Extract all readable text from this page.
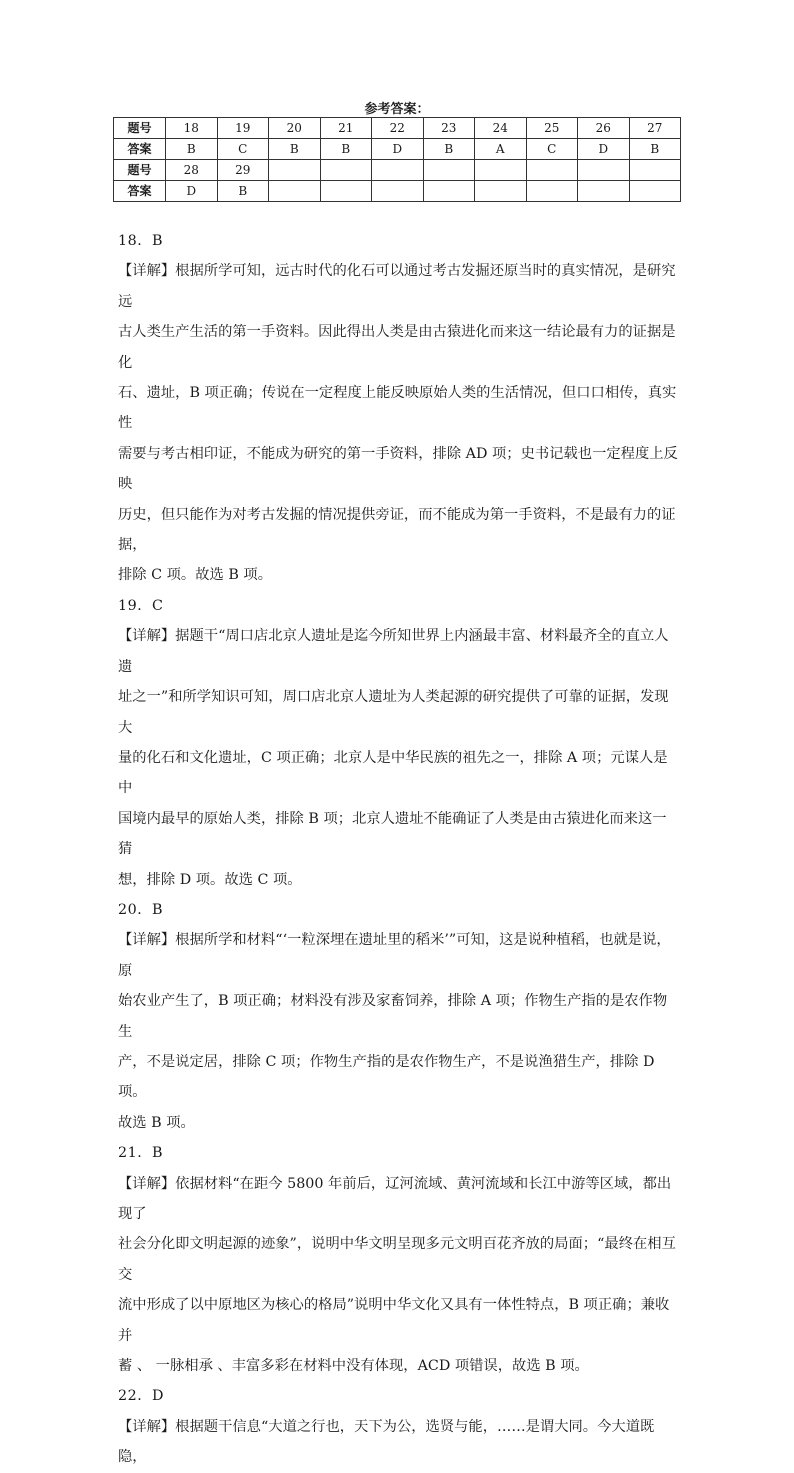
参考答案：
题号	18	19	20	21	22	23	24	25	26	27
答案	B	C	B	B	D	B	A	C	D	B
题号	28	29								
答案	D	B								

18．B

【详解】根据所学可知，远古时代的化石可以通过考古发掘还原当时的真实情况，是研究远

古人类生产生活的第一手资料。因此得出人类是由古猿进化而来这一结论最有力的证据是化

石、遗址，B 项正确；传说在一定程度上能反映原始人类的生活情况，但口口相传，真实性

需要与考古相印证，不能成为研究的第一手资料，排除 AD 项；史书记载也一定程度上反映

历史，但只能作为对考古发掘的情况提供旁证，而不能成为第一手资料，不是最有力的证据，

排除 C 项。故选 B 项。

19．C

【详解】据题干“周口店北京人遗址是迄今所知世界上内涵最丰富、材料最齐全的直立人遗

址之一”和所学知识可知，周口店北京人遗址为人类起源的研究提供了可靠的证据，发现大

量的化石和文化遗址，C 项正确；北京人是中华民族的祖先之一，排除 A 项；元谋人是中

国境内最早的原始人类，排除 B 项；北京人遗址不能确证了人类是由古猿进化而来这一猜

想，排除 D 项。故选 C 项。

20．B

【详解】根据所学和材料“‘一粒深埋在遗址里的稻米’”可知，这是说种植稻，也就是说，原

始农业产生了，B 项正确；材料没有涉及家畜饲养，排除 A 项；作物生产指的是农作物生

产，不是说定居，排除 C 项；作物生产指的是农作物生产，不是说渔猎生产，排除 D 项。

故选 B 项。

21．B

【详解】依据材料“在距今 5800 年前后，辽河流域、黄河流域和长江中游等区域，都出现了

社会分化即文明起源的迹象”，说明中华文明呈现多元文明百花齐放的局面；“最终在相互交

流中形成了以中原地区为核心的格局”说明中华文化又具有一体性特点，B 项正确；兼收并

蓄 、 一脉相承 、丰富多彩在材料中没有体现，ACD 项错误，故选 B 项。

22．D

【详解】根据题干信息“大道之行也，天下为公，选贤与能，……是谓大同。今大道既隐，
